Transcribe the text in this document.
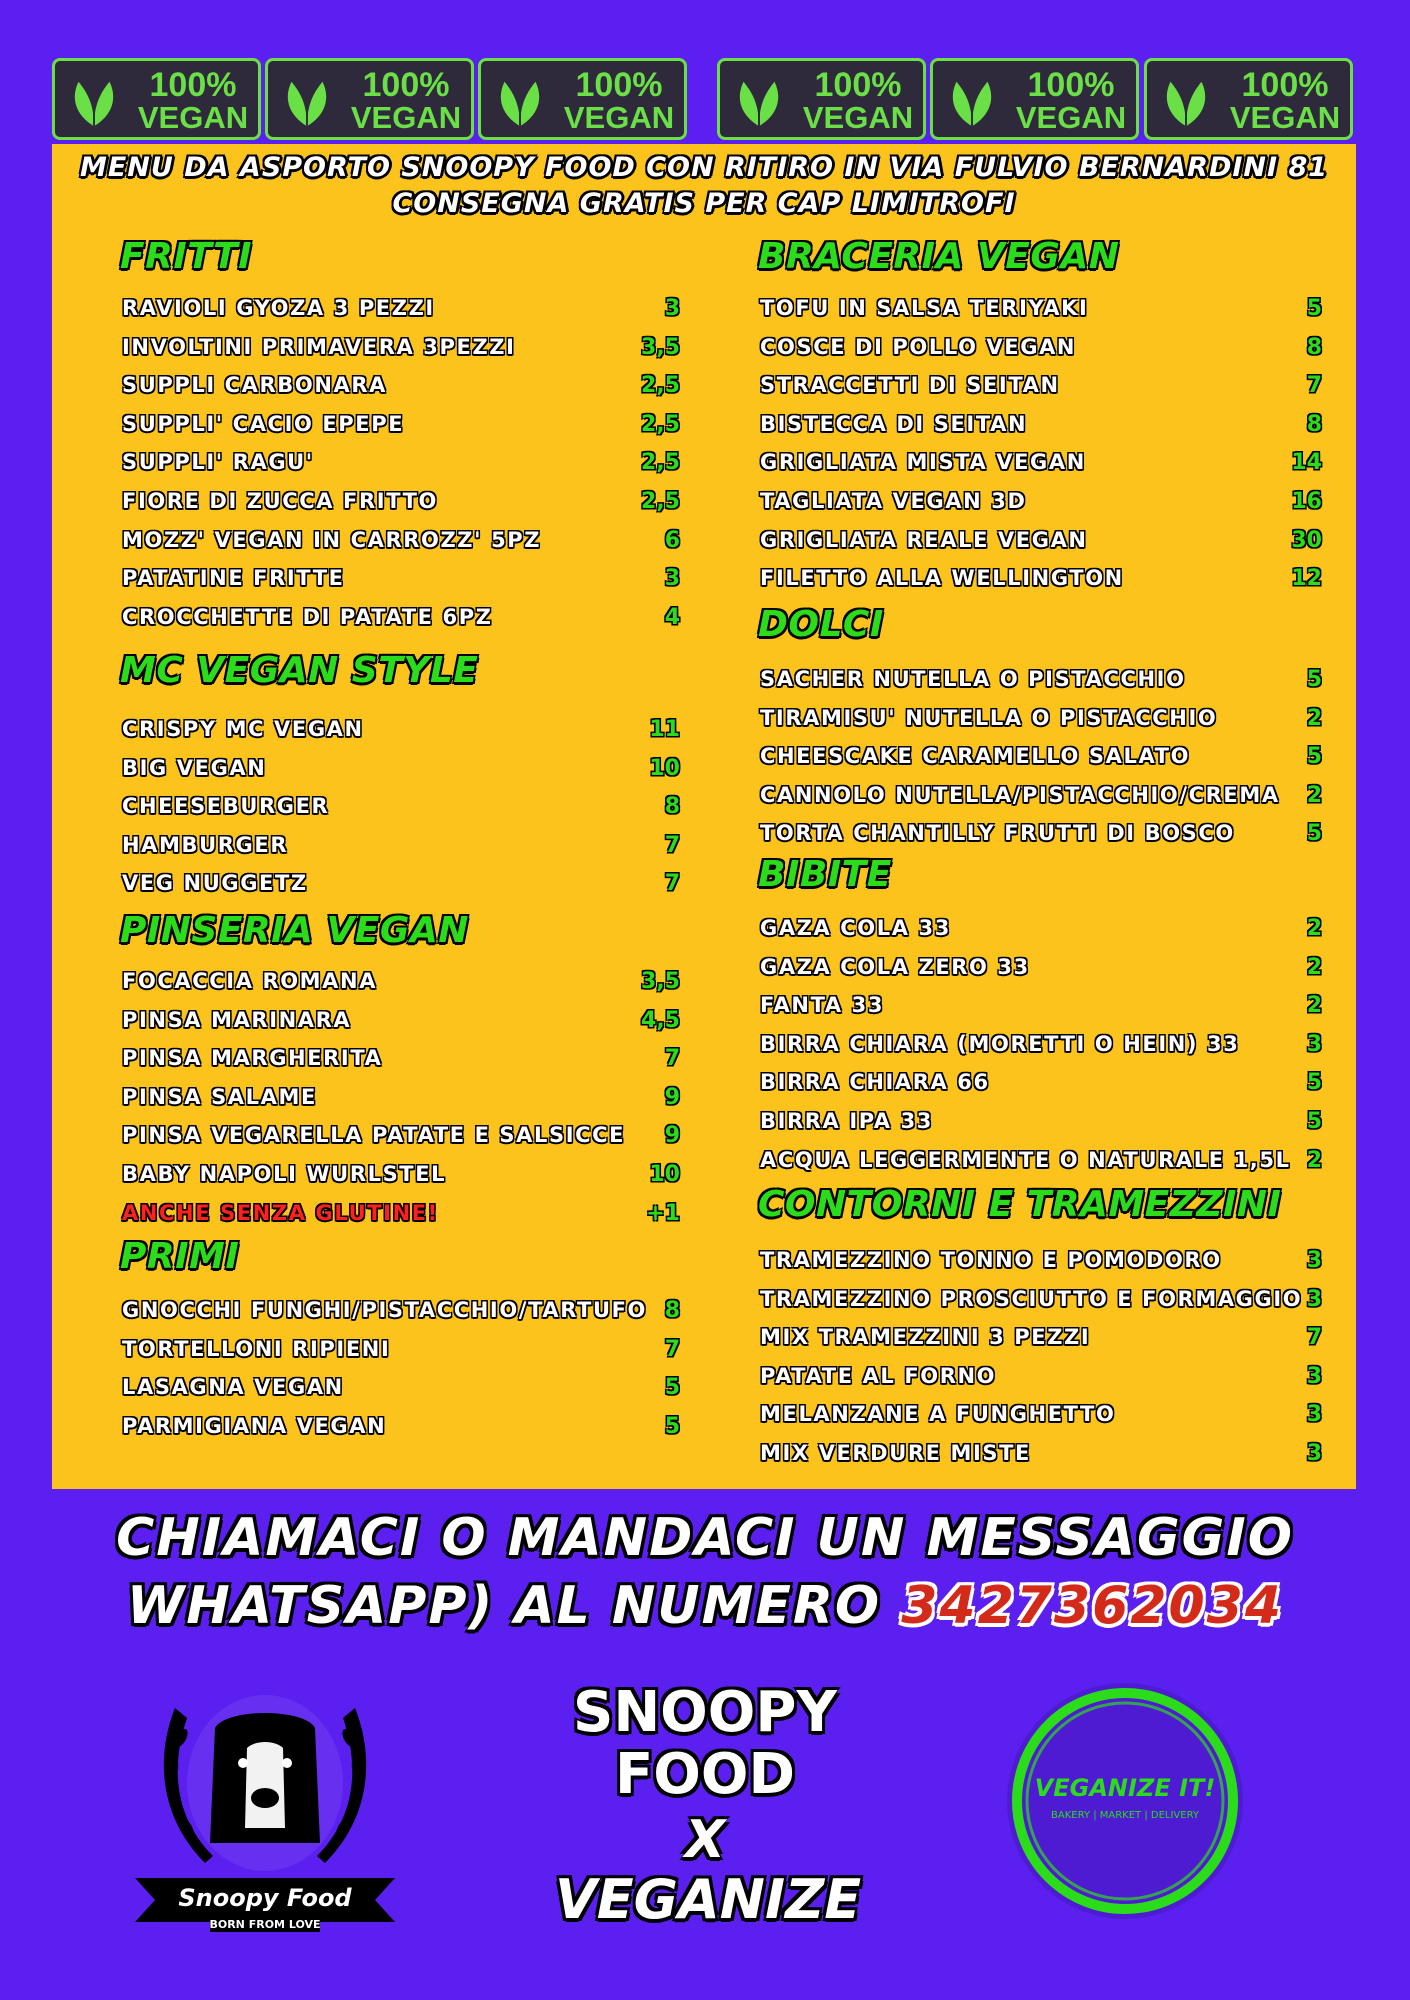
100%
VEGAN
100%
VEGAN
100%
VEGAN
100%
VEGAN
100%
VEGAN
100%
VEGAN
MENU DA ASPORTO SNOOPY FOOD CON RITIRO IN VIA FULVIO BERNARDINI 81
CONSEGNA GRATIS PER CAP LIMITROFI
FRITTI
RAVIOLI GYOZA 3 PEZZI	3
INVOLTINI PRIMAVERA 3PEZZI	3,5
SUPPLI CARBONARA	2,5
SUPPLI' CACIO EPEPE	2,5
SUPPLI' RAGU'	2,5
FIORE DI ZUCCA FRITTO	2,5
MOZZ' VEGAN IN CARROZZ' 5PZ	6
PATATINE FRITTE	3
CROCCHETTE DI PATATE 6PZ	4
MC VEGAN STYLE
CRISPY MC VEGAN	11
BIG VEGAN	10
CHEESEBURGER	8
HAMBURGER	7
VEG NUGGETZ	7
PINSERIA VEGAN
FOCACCIA ROMANA	3,5
PINSA MARINARA	4,5
PINSA MARGHERITA	7
PINSA SALAME	9
PINSA VEGARELLA PATATE E SALSICCE	9
BABY NAPOLI WURLSTEL	10
ANCHE SENZA GLUTINE!	+1
PRIMI
GNOCCHI FUNGHI/PISTACCHIO/TARTUFO 8
TORTELLONI RIPIENI	7
LASAGNA VEGAN	5
PARMIGIANA VEGAN	5
BRACERIA VEGAN
TOFU IN SALSA TERIYAKI	5
COSCE DI POLLO VEGAN	8
STRACCETTI DI SEITAN	7
BISTECCA DI SEITAN	8
GRIGLIATA MISTA VEGAN	14
TAGLIATA VEGAN 3D	16
GRIGLIATA REALE VEGAN	30
FILETTO ALLA WELLINGTON	12
DOLCI
SACHER NUTELLA O PISTACCHIO	5
TIRAMISU' NUTELLA O PISTACCHIO	2
CHEESCAKE CARAMELLO SALATO	5
CANNOLO NUTELLA/PISTACCHIO/CREMA	2
TORTA CHANTILLY FRUTTI DI BOSCO	5
BIBITE
GAZA COLA 33	2
GAZA COLA ZERO 33	2
FANTA 33	2
BIRRA CHIARA (MORETTI O HEIN) 33	3
BIRRA CHIARA 66	5
BIRRA IPA 33	5
ACQUA LEGGERMENTE O NATURALE 1,5L 2
CONTORNI E TRAMEZZINI
TRAMEZZINO TONNO E POMODORO	3
TRAMEZZINO PROSCIUTTO E FORMAGGIO 3
MIX TRAMEZZINI 3 PEZZI	7
PATATE AL FORNO	3
MELANZANE A FUNGHETTO	3
MIX VERDURE MISTE	3
CHIAMACI O MANDACI UN MESSAGGIO
WHATSAPP) AL NUMERO 3427362034
Snoopy Food
BORN FROM LOVE
SNOOPY
FOOD
X
VEGANIZE
VEGANIZE IT!
BAKERY | MARKET | DELIVERY
